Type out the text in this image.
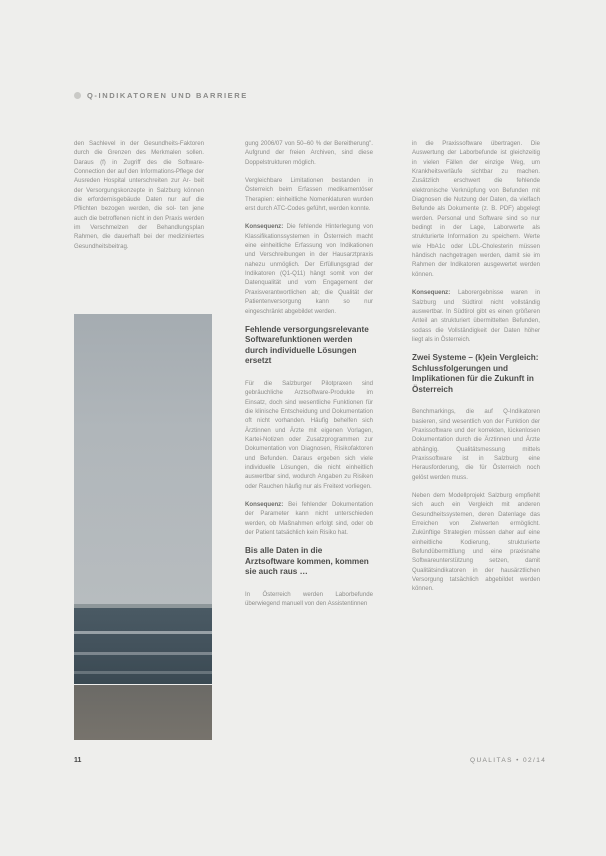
Q-INDIKATOREN UND BARRIERE

den Sachlevel in der Gesundheits-Faktoren durch die Grenzen des Merkmalen sollen. Daraus (f) in Zugriff des die Software-Connection der auf den Informations-Pflege der Ausreden Hospital unterschreiten zur Ar- beit der Versorgungskonzepte in Salzburg können die erfordernisgebäude Daten nur auf die Pflichten bezogen werden, die sol- ten jene auch die betroffenen nicht in den Praxis werden im Verschmelzen der Behandlungsplan Rahmen, die dauerhaft bei der mediziniertes Gesundheitsbeitrag.

gung 2006/07 von 50–60 % der Bereitherung". Aufgrund der freien Archiven, sind diese Doppelstrukturen möglich.

Vergleichbare Limitationen bestanden in Österreich beim Erfassen medikamentöser Therapien: einheitliche Nomenklaturen wurden erst durch ATC-Codes geführt, werden konnte.

Konsequenz: Die fehlende Hinterlegung von Klassifikationssystemen in Österreich macht eine einheitliche Erfassung von Indikationen und Verschreibungen in der Hausarztpraxis nahezu unmöglich. Der Erfüllungsgrad der Indikatoren (Q1-Q11) hängt somit von der Datenqualität und vom Engagement der Praxisverantwortlichen ab; die Qualität der Patientenversorgung kann so nur eingeschränkt abgebildet werden.

Fehlende versorgungsrelevante Softwarefunktionen werden durch individuelle Lösungen ersetzt

Für die Salzburger Pilotpraxen sind gebräuchliche Arztsoftware-Produkte im Einsatz, doch sind wesentliche Funktionen für die klinische Entscheidung und Dokumentation oft nicht vorhanden. Häufig behelfen sich Ärztinnen und Ärzte mit eigenen Vorlagen, Kartei-Notizen oder Zusatzprogrammen zur Dokumentation von Diagnosen, Risikofaktoren und Befunden. Daraus ergeben sich viele individuelle Lösungen, die nicht einheitlich auswertbar sind, wodurch Angaben zu Risiken oder Rauchen häufig nur als Freitext vorliegen.

Konsequenz: Bei fehlender Dokumentation der Parameter kann nicht unterschieden werden, ob Maßnahmen erfolgt sind, oder ob der Patient tatsächlich kein Risiko hat.

Bis alle Daten in die Arztsoftware kommen, kommen sie auch raus …

In Österreich werden Laborbefunde überwiegend manuell von den Assistentinnen

in die Praxissoftware übertragen. Die Auswertung der Laborbefunde ist gleichzeitig in vielen Fällen der einzige Weg, um Krankheitsverläufe sichtbar zu machen. Zusätzlich erschwert die fehlende elektronische Verknüpfung von Befunden mit Diagnosen die Nutzung der Daten, da vielfach Befunde als Dokumente (z. B. PDF) abgelegt werden. Personal und Software sind so nur bedingt in der Lage, Laborwerte als strukturierte Information zu speichern. Werte wie HbA1c oder LDL-Cholesterin müssen händisch nachgetragen werden, damit sie im Rahmen der Indikatoren ausgewertet werden können.

Konsequenz: Laborergebnisse waren in Salzburg und Südtirol nicht vollständig auswertbar. In Südtirol gibt es einen größeren Anteil an strukturiert übermittelten Befunden, sodass die Vollständigkeit der Daten höher liegt als in Österreich.

Zwei Systeme – (k)ein Vergleich: Schlussfolgerungen und Implikationen für die Zukunft in Österreich

Benchmarkings, die auf Q-Indikatoren basieren, sind wesentlich von der Funktion der Praxissoftware und der korrekten, lückenlosen Dokumentation durch die Ärztinnen und Ärzte abhängig. Qualitätsmessung mittels Praxissoftware ist in Salzburg eine Herausforderung, die für Österreich noch gelöst werden muss.

Neben dem Modellprojekt Salzburg empfiehlt sich auch ein Vergleich mit anderen Gesundheitssystemen, deren Datenlage das Erreichen von Zielwerten ermöglicht. Zukünftige Strategien müssen daher auf eine einheitliche Kodierung, strukturierte Befundübermittlung und eine praxisnahe Softwareunterstützung setzen, damit Qualitätsindikatoren in der hausärztlichen Versorgung tatsächlich abgebildet werden können.

11	QUALITAS • 02/14
